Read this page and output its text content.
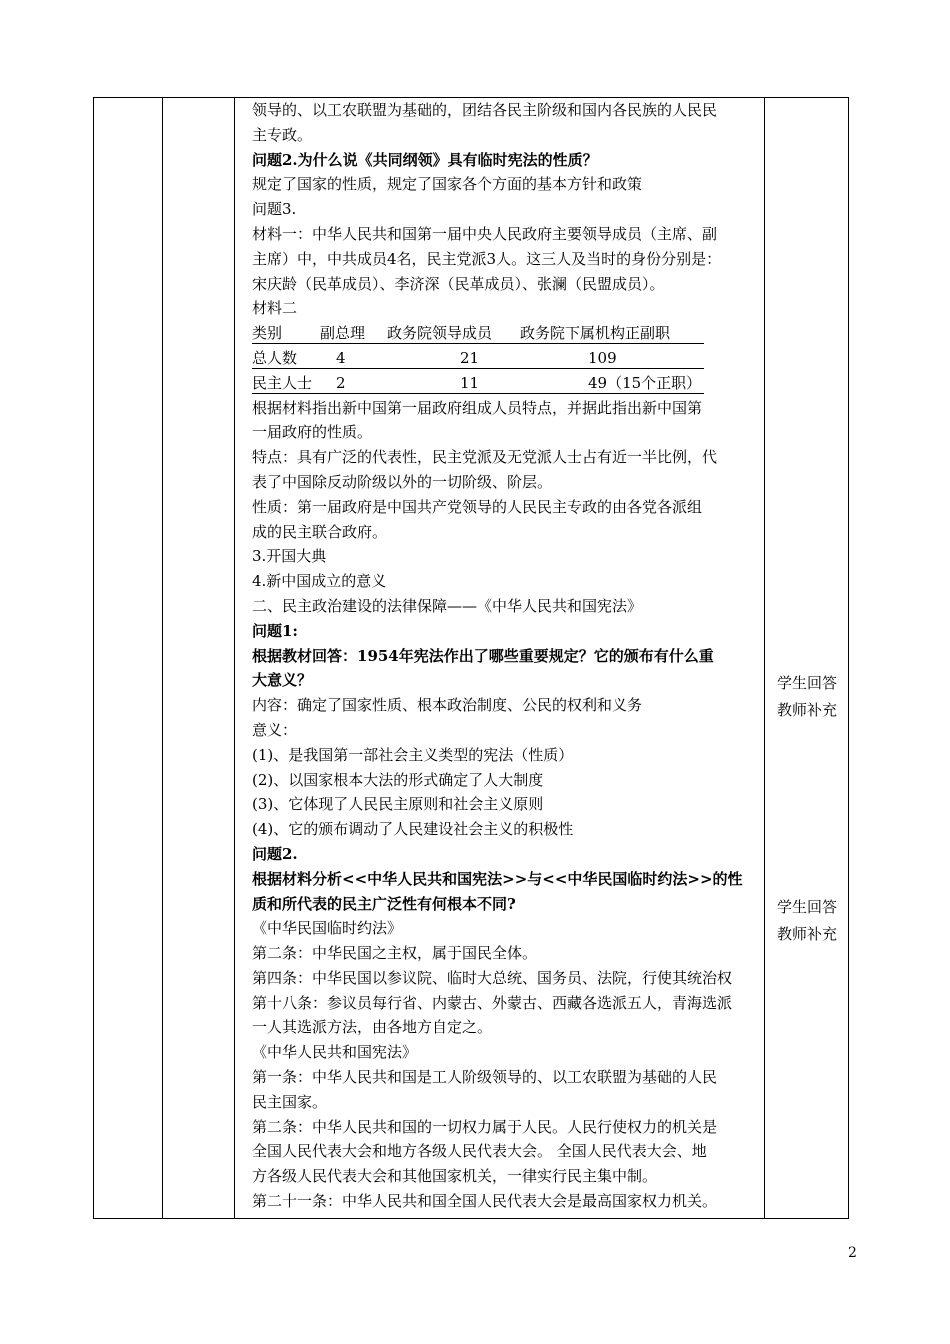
领导的、以工农联盟为基础的，团结各民主阶级和国内各民族的人民民
主专政。
问题2.为什么说《共同纲领》具有临时宪法的性质？
规定了国家的性质，规定了国家各个方面的基本方针和政策
问题3.
材料一：中华人民共和国第一届中央人民政府主要领导成员（主席、副
主席）中，中共成员4名，民主党派3人。这三人及当时的身份分别是：
宋庆龄（民革成员）、李济深（民革成员）、张澜（民盟成员）。
材料二
类别	副总理 政务院领导成员 政务院下属机构正副职
总人数	4	21	109
民主人士 2	11	49（15个正职）
根据材料指出新中国第一届政府组成人员特点，并据此指出新中国第
一届政府的性质。
特点：具有广泛的代表性，民主党派及无党派人士占有近一半比例，代
表了中国除反动阶级以外的一切阶级、阶层。
性质：第一届政府是中国共产党领导的人民民主专政的由各党各派组
成的民主联合政府。
3.开国大典
4.新中国成立的意义
二、民主政治建设的法律保障——《中华人民共和国宪法》
问题1:
根据教材回答：1954年宪法作出了哪些重要规定？它的颁布有什么重
大意义？
内容：确定了国家性质、根本政治制度、公民的权利和义务
意义：
(1)、是我国第一部社会主义类型的宪法（性质）
(2)、以国家根本大法的形式确定了人大制度
(3)、它体现了人民民主原则和社会主义原则
(4)、它的颁布调动了人民建设社会主义的积极性
问题2.
根据材料分析<<中华人民共和国宪法>>与<<中华民国临时约法>>的性
质和所代表的民主广泛性有何根本不同?
《中华民国临时约法》
第二条：中华民国之主权，属于国民全体。
第四条：中华民国以参议院、临时大总统、国务员、法院，行使其统治权
第十八条：参议员每行省、内蒙古、外蒙古、西藏各选派五人，青海选派
一人其选派方法，由各地方自定之。
《中华人民共和国宪法》
第一条：中华人民共和国是工人阶级领导的、以工农联盟为基础的人民
民主国家。
第二条：中华人民共和国的一切权力属于人民。人民行使权力的机关是
全国人民代表大会和地方各级人民代表大会。 全国人民代表大会、地
方各级人民代表大会和其他国家机关，一律实行民主集中制。
第二十一条：中华人民共和国全国人民代表大会是最高国家权力机关。
学生回答
教师补充
学生回答
教师补充
2
